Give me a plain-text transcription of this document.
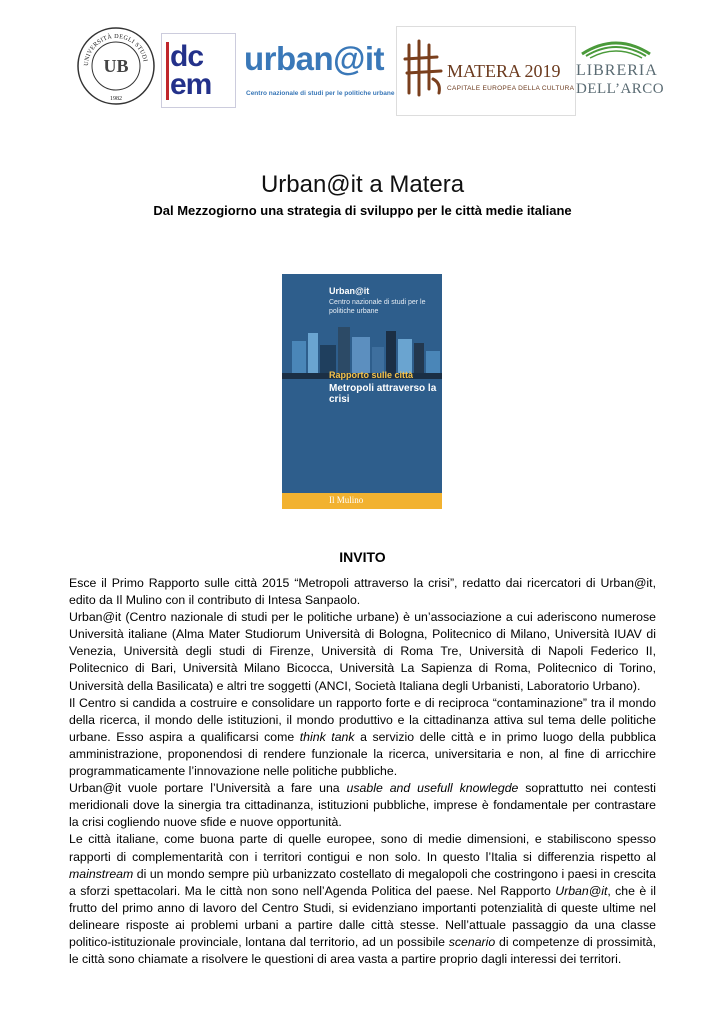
UNIVERSITÀ DEGLI STUDI
UB
1982
dc
em
urban@it
Centro nazionale di studi per le politiche urbane
MATERA 2019
CAPITALE EUROPEA DELLA CULTURA
LIBRERIA
DELL’ARCO
Urban@it a Matera
Dal Mezzogiorno una strategia di sviluppo per le città medie italiane
Urban@it
Centro nazionale di studi per le politiche urbane
Rapporto sulle città
Metropoli attraverso la crisi
Il Mulino
INVITO

Esce il Primo Rapporto sulle città 2015 “Metropoli attraverso la crisi”, redatto dai ricercatori di Urban@it, edito da Il Mulino con il contributo di Intesa Sanpaolo.

Urban@it (Centro nazionale di studi per le politiche urbane) è un’associazione a cui aderiscono numerose Università italiane (Alma Mater Studiorum Università di Bologna, Politecnico di Milano, Università IUAV di Venezia, Università degli studi di Firenze, Università di Roma Tre, Università di Napoli Federico II, Politecnico di Bari, Università Milano Bicocca, Università La Sapienza di Roma, Politecnico di Torino, Università della Basilicata) e altri tre soggetti (ANCI, Società Italiana degli Urbanisti, Laboratorio Urbano).

Il Centro si candida a costruire e consolidare un rapporto forte e di reciproca “contaminazione” tra il mondo della ricerca, il mondo delle istituzioni, il mondo produttivo e la cittadinanza attiva sul tema delle politiche urbane. Esso aspira a qualificarsi come think tank a servizio delle città e in primo luogo della pubblica amministrazione, proponendosi di rendere funzionale la ricerca, universitaria e non, al fine di arricchire programmaticamente l’innovazione nelle politiche pubbliche.

Urban@it vuole portare l’Università a fare una usable and usefull knowlegde soprattutto nei contesti meridionali dove la sinergia tra cittadinanza, istituzioni pubbliche, imprese è fondamentale per contrastare la crisi cogliendo nuove sfide e nuove opportunità.

Le città italiane, come buona parte di quelle europee, sono di medie dimensioni, e stabiliscono spesso rapporti di complementarità con i territori contigui e non solo. In questo l’Italia si differenzia rispetto al mainstream di un mondo sempre più urbanizzato costellato di megalopoli che costringono i paesi in crescita a sforzi spettacolari. Ma le città non sono nell’Agenda Politica del paese. Nel Rapporto Urban@it, che è il frutto del primo anno di lavoro del Centro Studi, si evidenziano importanti potenzialità di queste ultime nel delineare risposte ai problemi urbani a partire dalle città stesse. Nell’attuale passaggio da una classe politico-istituzionale provinciale, lontana dal territorio, ad un possibile scenario di competenze di prossimità, le città sono chiamate a risolvere le questioni di area vasta a partire proprio dagli interessi dei territori.
